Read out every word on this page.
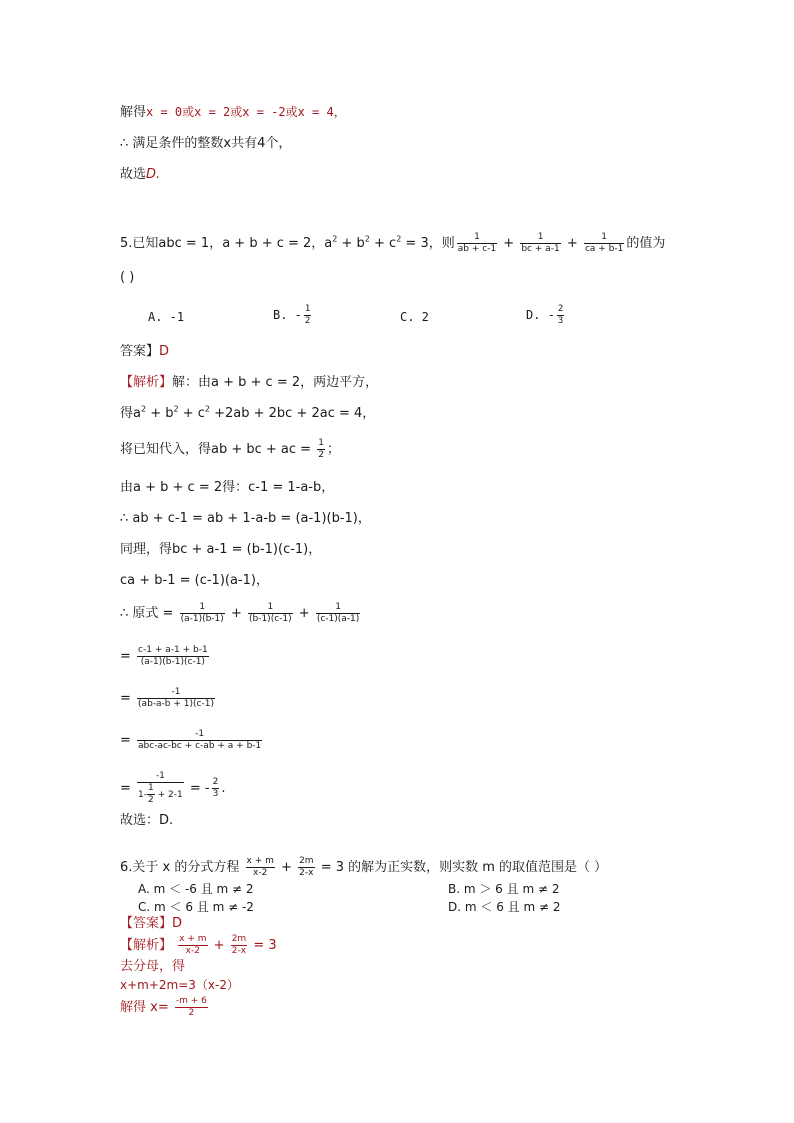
解得x = 0或x = 2或x = -2或x = 4，
∴ 满足条件的整数x共有4个，
故选D.
5.已知abc = 1，a + b + c = 2，$a^2 + b^2 + c^2 = 3$，则 $\frac{1}{ab + c-1} + \frac{1}{bc + a-1} + \frac{1}{ca + b-1}$ 的值为
( )
A. -1	B. - $\frac{1}{2}$	C. 2	D. - $\frac{2}{3}$
答案】D
【解析】解：由a + b + c = 2，两边平方，
得$a^2 + b^2 + c^2 +2ab + 2bc + 2ac = 4$，
将已知代入，得ab + bc + ac = $\frac{1}{2}$ ；
由a + b + c = 2得：c-1 = 1-a-b，
∴ ab + c-1 = ab + 1-a-b = (a-1)(b-1)，
同理，得bc + a-1 = (b-1)(c-1)，
ca + b-1 = (c-1)(a-1)，
∴ 原式 = $\frac{1}{(a-1)(b-1)} + \frac{1}{(b-1)(c-1)} + \frac{1}{(c-1)(a-1)}$
= $\frac{c-1 + a-1 + b-1}{(a-1)(b-1)(c-1)}$
= $\frac{-1}{(ab-a-b + 1)(c-1)}$
= $\frac{-1}{\text{abc-ac-bc + c-ab + a + b-1}}$
= $\frac{-1}{1- \frac{1}{2} + 2-1}$ = - $\frac{2}{3}$ .
故选：D.
6.关于 x 的分式方程 $\frac{x + m}{x-2} + \frac{2m}{2-x} = 3$ 的解为正实数，则实数 m 的取值范围是（ ）
A. m ＜ -6 且 m ≠ 2	B. m ＞ 6 且 m ≠ 2
C. m ＜ 6 且 m ≠ -2	D. m ＜ 6 且 m ≠ 2
【答案】D
【解析】 $\frac{x + m}{x-2} + \frac{2m}{2-x} = 3$
去分母，得
x+m+2m=3（x-2）
解得 $x= \frac{-m + 6}{2}$
